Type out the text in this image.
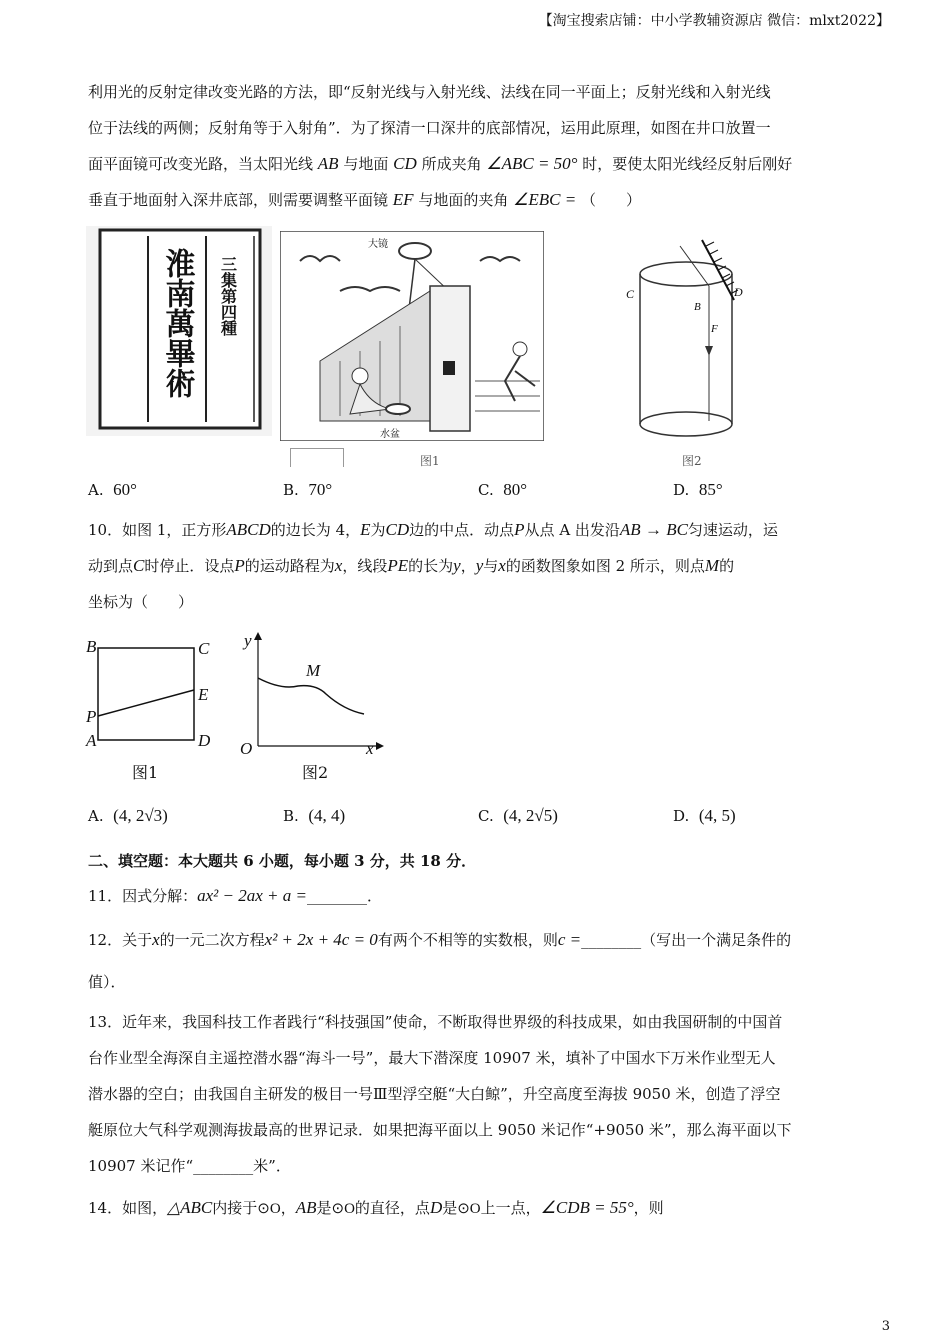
【淘宝搜索店铺：中小学教辅资源店 微信：mlxt2022】
利用光的反射定律改变光路的方法，即“反射光线与入射光线、法线在同一平面上；反射光线和入射光线
位于法线的两侧；反射角等于入射角”．为了探清一口深井的底部情况，运用此原理，如图在井口放置一
面平面镜可改变光路，当太阳光线 AB 与地面 CD 所成夹角 ∠ABC = 50° 时，要使太阳光线经反射后刚好
垂直于地面射入深井底部，则需要调整平面镜 EF 与地面的夹角 ∠EBC = （　　）
淮南萬畢術 三集第四種
大镜
水盆
图1
C	D
B
F
图2
A. 60°	B. 70°	C. 80°	D. 85°
10．如图 1，正方形ABCD的边长为 4，E为CD边的中点．动点P从点 A 出发沿AB → BC匀速运动，运
动到点C时停止．设点P的运动路程为x，线段PE的长为y，y与x的函数图象如图 2 所示，则点M的
坐标为（　　）
B	C
P
E
A	D
图1
y
M
O	x
图2
A. (4, 2√3)	B. (4, 4)	C. (4, 2√5)	D. (4, 5)
二、填空题：本大题共 6 小题，每小题 3 分，共 18 分．
11．因式分解：ax² − 2ax + a =________．
12．关于x的一元二次方程x² + 2x + 4c = 0有两个不相等的实数根，则c =________（写出一个满足条件的
值）．
13．近年来，我国科技工作者践行“科技强国”使命，不断取得世界级的科技成果，如由我国研制的中国首
台作业型全海深自主遥控潜水器“海斗一号”，最大下潜深度 10907 米，填补了中国水下万米作业型无人
潜水器的空白；由我国自主研发的极目一号Ⅲ型浮空艇“大白鲸”，升空高度至海拔 9050 米，创造了浮空
艇原位大气科学观测海拔最高的世界记录．如果把海平面以上 9050 米记作“+9050 米”，那么海平面以下
10907 米记作“________米”．
14．如图，△ABC内接于⊙O，AB是⊙O的直径，点D是⊙O上一点，∠CDB = 55°，则
3
